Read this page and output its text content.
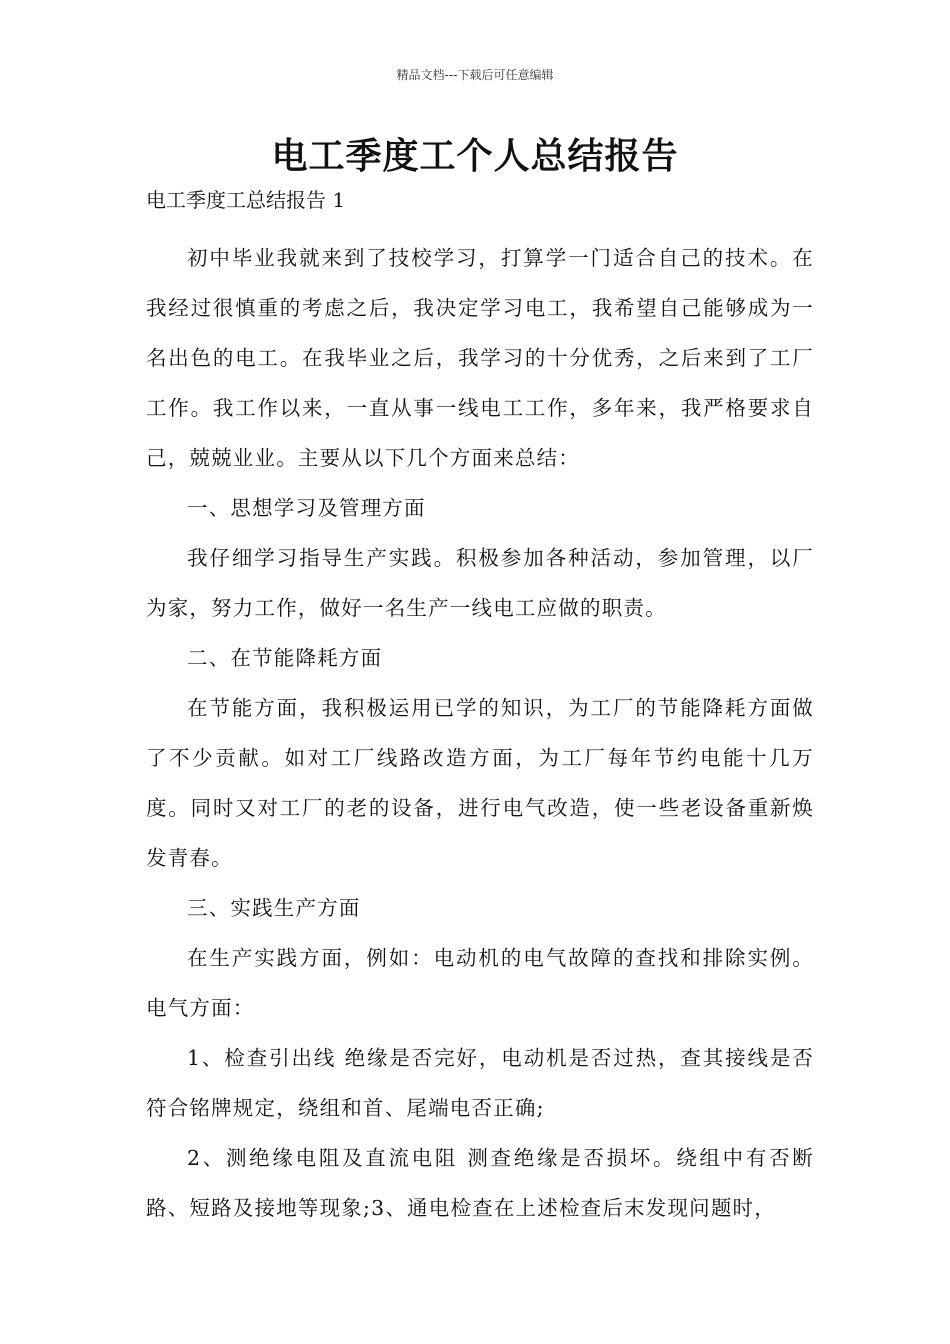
精品文档---下载后可任意编辑
电工季度工个人总结报告
电工季度工总结报告 1

初中毕业我就来到了技校学习，打算学一门适合自己的技术。在我经过很慎重的考虑之后，我决定学习电工，我希望自己能够成为一名出色的电工。在我毕业之后，我学习的十分优秀，之后来到了工厂工作。我工作以来，一直从事一线电工工作，多年来，我严格要求自己，兢兢业业。主要从以下几个方面来总结：

一、思想学习及管理方面

我仔细学习指导生产实践。积极参加各种活动，参加管理，以厂为家，努力工作，做好一名生产一线电工应做的职责。

二、在节能降耗方面

在节能方面，我积极运用已学的知识，为工厂的节能降耗方面做了不少贡献。如对工厂线路改造方面，为工厂每年节约电能十几万度。同时又对工厂的老的设备，进行电气改造，使一些老设备重新焕发青春。

三、实践生产方面

在生产实践方面，例如：电动机的电气故障的查找和排除实例。电气方面：

1、检查引出线 绝缘是否完好，电动机是否过热，查其接线是否符合铭牌规定，绕组和首、尾端电否正确;

2、测绝缘电阻及直流电阻 测查绝缘是否损坏。绕组中有否断路、短路及接地等现象;3、通电检查在上述检查后末发现问题时，
